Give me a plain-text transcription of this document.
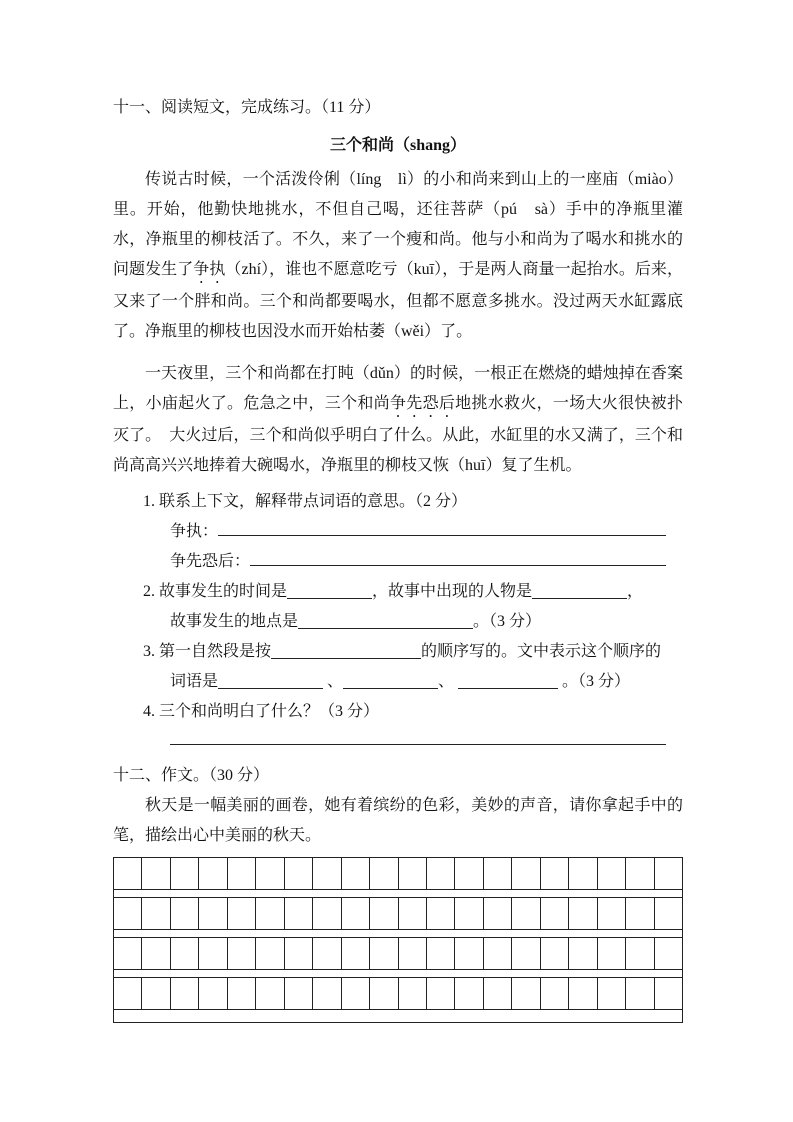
十一、阅读短文，完成练习。（11 分）
三个和尚（shang）

传说古时候，一个活泼伶俐（líng　lì）的小和尚来到山上的一座庙（miào）里。开始，他勤快地挑水，不但自己喝，还往菩萨（pú　sà）手中的净瓶里灌水，净瓶里的柳枝活了。不久，来了一个瘦和尚。他与小和尚为了喝水和挑水的问题发生了争执（zhí），谁也不愿意吃亏（kuī），于是两人商量一起抬水。后来，又来了一个胖和尚。三个和尚都要喝水，但都不愿意多挑水。没过两天水缸露底了。净瓶里的柳枝也因没水而开始枯萎（wěi）了。

一天夜里，三个和尚都在打盹（dǔn）的时候，一根正在燃烧的蜡烛掉在香案上，小庙起火了。危急之中，三个和尚争先恐后地挑水救火，一场大火很快被扑灭了。　大火过后，三个和尚似乎明白了什么。从此，水缸里的水又满了，三个和尚高高兴兴地捧着大碗喝水，净瓶里的柳枝又恢（huī）复了生机。

1. 联系上下文，解释带点词语的意思。（2 分）
争执：
争先恐后：
2. 故事发生的时间是	，故事中出现的人物是	，
故事发生的地点是	。（3 分）
3. 第一自然段是按	的顺序写的。文中表示这个顺序的
词语是	、	、	。（3 分）
4. 三个和尚明白了什么？（3 分）
十二、作文。（30 分）

秋天是一幅美丽的画卷，她有着缤纷的色彩，美妙的声音，请你拿起手中的笔，描绘出心中美丽的秋天。
